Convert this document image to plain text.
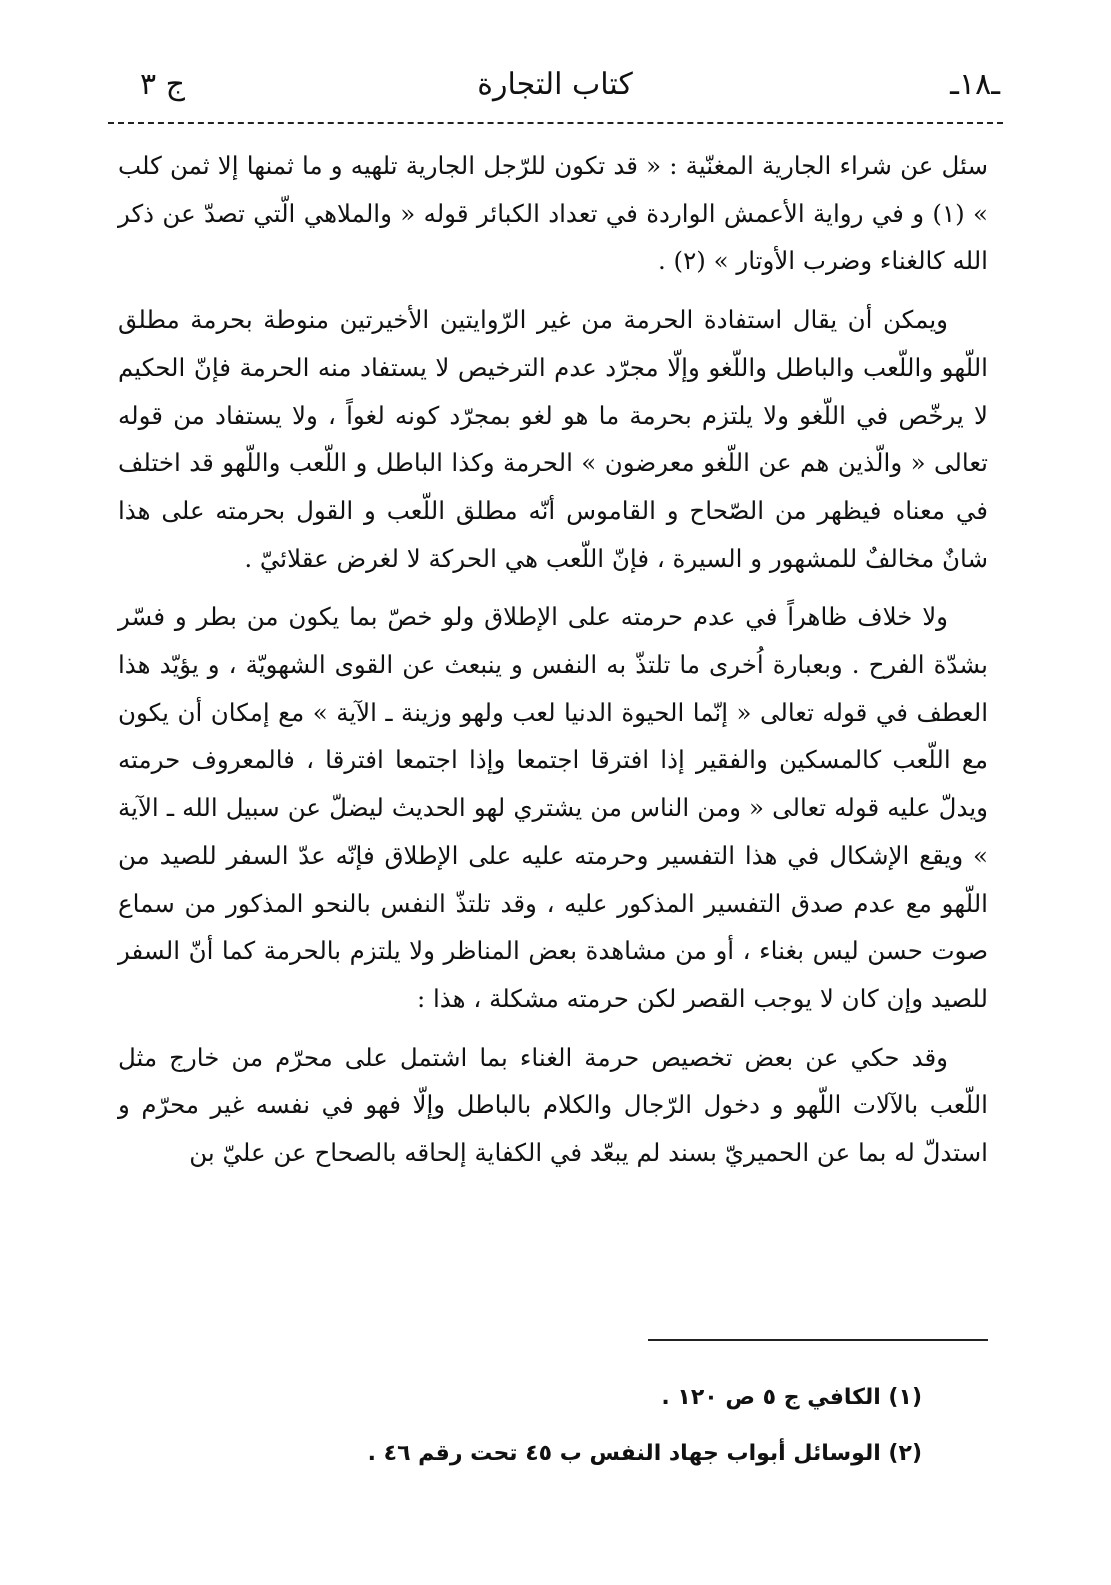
ـ١٨ـ
كتاب التجارة
ج ٣

سئل عن شراء الجارية المغنّية : « قد تكون للرّجل الجارية تلهيه و ما ثمنها إلا ثمن كلب » (١) و في رواية الأعمش الواردة في تعداد الكبائر قوله « والملاهي الّتي تصدّ عن ذكر الله كالغناء وضرب الأوتار » (٢) .

ويمكن أن يقال استفادة الحرمة من غير الرّوايتين الأخيرتين منوطة بحرمة مطلق اللّهو واللّعب والباطل واللّغو وإلّا مجرّد عدم الترخيص لا يستفاد منه الحرمة فإنّ الحكيم لا يرخّص في اللّغو ولا يلتزم بحرمة ما هو لغو بمجرّد كونه لغواً ، ولا يستفاد من قوله تعالى « والّذين هم عن اللّغو معرضون » الحرمة وكذا الباطل و اللّعب واللّهو قد اختلف في معناه فيظهر من الصّحاح و القاموس أنّه مطلق اللّعب و القول بحرمته على هذا شانٌ مخالفٌ للمشهور و السيرة ، فإنّ اللّعب هي الحركة لا لغرض عقلائيّ .

ولا خلاف ظاهراً في عدم حرمته على الإطلاق ولو خصّ بما يكون من بطر و فسّر بشدّة الفرح . وبعبارة اُخرى ما تلتذّ به النفس و ينبعث عن القوى الشهويّة ، و يؤيّد هذا العطف في قوله تعالى « إنّما الحيوة الدنيا لعب ولهو وزينة ـ الآية » مع إمكان أن يكون مع اللّعب كالمسكين والفقير إذا افترقا اجتمعا وإذا اجتمعا افترقا ، فالمعروف حرمته ويدلّ عليه قوله تعالى « ومن الناس من يشتري لهو الحديث ليضلّ عن سبيل الله ـ الآية » ويقع الإشكال في هذا التفسير وحرمته عليه على الإطلاق فإنّه عدّ السفر للصيد من اللّهو مع عدم صدق التفسير المذكور عليه ، وقد تلتذّ النفس بالنحو المذكور من سماع صوت حسن ليس بغناء ، أو من مشاهدة بعض المناظر ولا يلتزم بالحرمة كما أنّ السفر للصيد وإن كان لا يوجب القصر لكن حرمته مشكلة ، هذا :

وقد حكي عن بعض تخصيص حرمة الغناء بما اشتمل على محرّم من خارج مثل اللّعب بالآلات اللّهو و دخول الرّجال والكلام بالباطل وإلّا فهو في نفسه غير محرّم و استدلّ له بما عن الحميريّ بسند لم يبعّد في الكفاية إلحاقه بالصحاح عن عليّ بن

(١) الكافي ج ٥ ص ١٢٠ .

(٢) الوسائل أبواب جهاد النفس ب ٤٥ تحت رقم ٤٦ .
